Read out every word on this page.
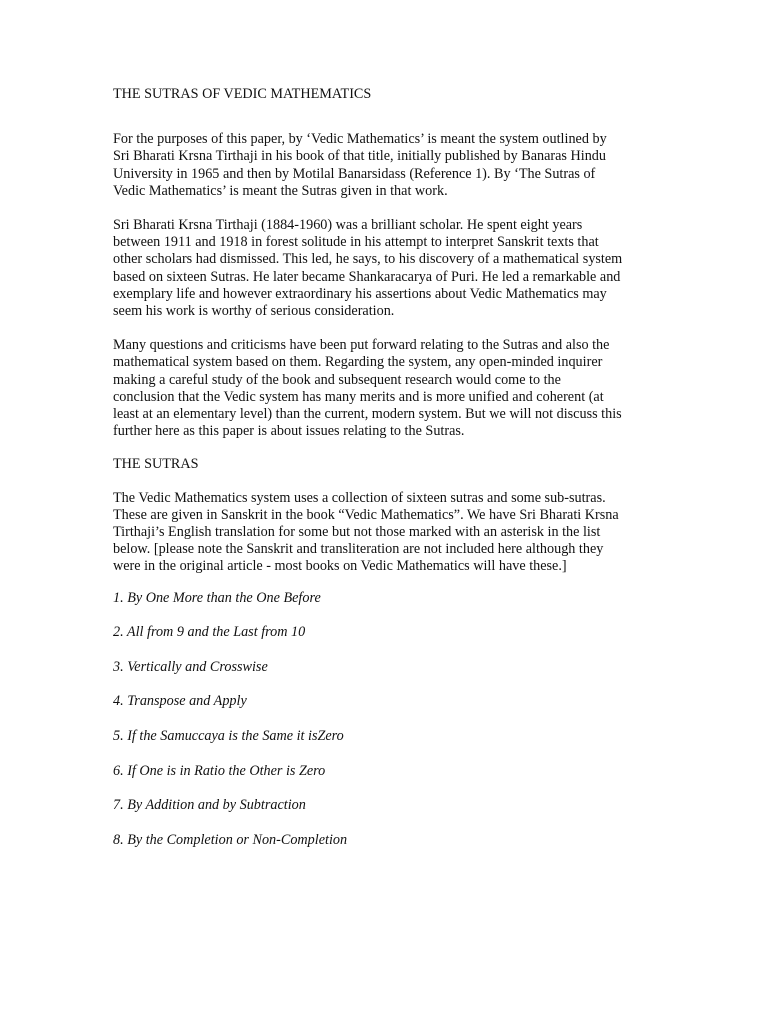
THE SUTRAS OF VEDIC MATHEMATICS

For the purposes of this paper, by ‘Vedic Mathematics’ is meant the system outlined by
Sri Bharati Krsna Tirthaji in his book of that title, initially published by Banaras Hindu
University in 1965 and then by Motilal Banarsidass (Reference 1). By ‘The Sutras of
Vedic Mathematics’ is meant the Sutras given in that work.

Sri Bharati Krsna Tirthaji (1884-1960) was a brilliant scholar. He spent eight years
between 1911 and 1918 in forest solitude in his attempt to interpret Sanskrit texts that
other scholars had dismissed. This led, he says, to his discovery of a mathematical system
based on sixteen Sutras. He later became Shankaracarya of Puri. He led a remarkable and
exemplary life and however extraordinary his assertions about Vedic Mathematics may
seem his work is worthy of serious consideration.

Many questions and criticisms have been put forward relating to the Sutras and also the
mathematical system based on them. Regarding the system, any open-minded inquirer
making a careful study of the book and subsequent research would come to the
conclusion that the Vedic system has many merits and is more unified and coherent (at
least at an elementary level) than the current, modern system. But we will not discuss this
further here as this paper is about issues relating to the Sutras.

THE SUTRAS

The Vedic Mathematics system uses a collection of sixteen sutras and some sub-sutras.
These are given in Sanskrit in the book “Vedic Mathematics”. We have Sri Bharati Krsna
Tirthaji’s English translation for some but not those marked with an asterisk in the list
below. [please note the Sanskrit and transliteration are not included here although they
were in the original article - most books on Vedic Mathematics will have these.]

1. By One More than the One Before
2. All from 9 and the Last from 10
3. Vertically and Crosswise
4. Transpose and Apply
5. If the Samuccaya is the Same it isZero
6. If One is in Ratio the Other is Zero
7. By Addition and by Subtraction
8. By the Completion or Non-Completion
